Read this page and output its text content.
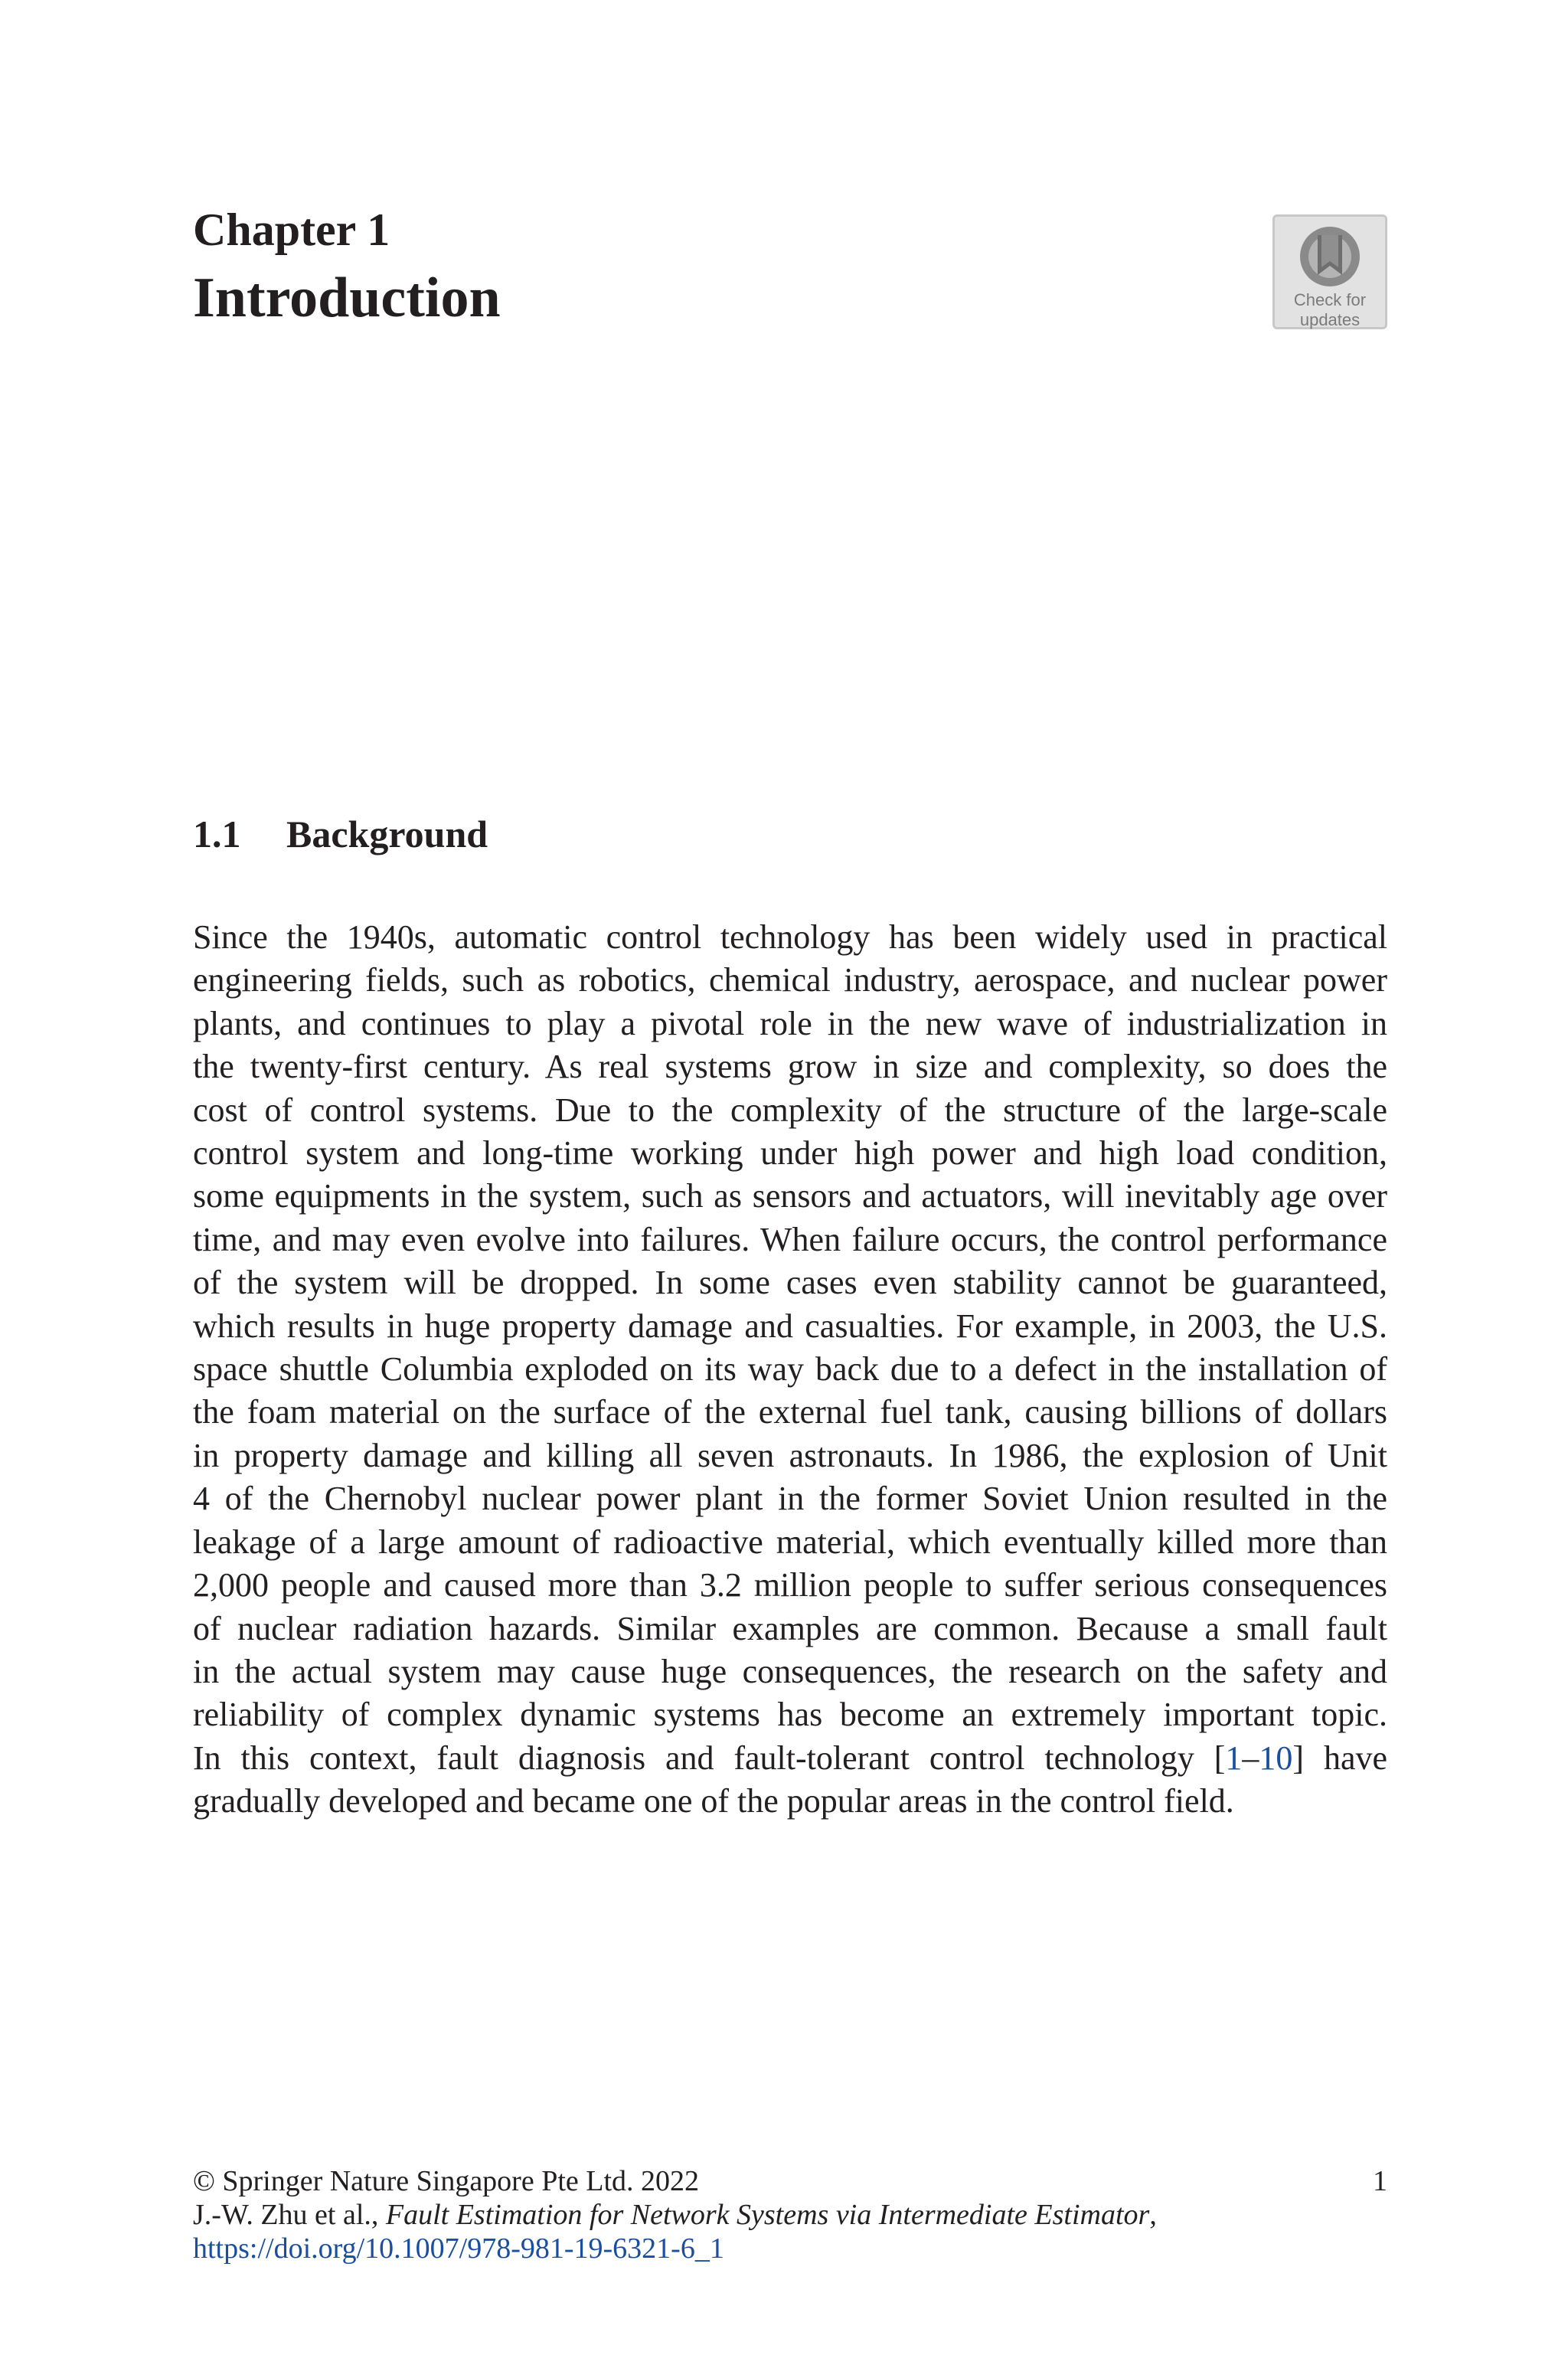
Chapter 1
Introduction	Check for
updates
1.1 Background

Since the 1940s, automatic control technology has been widely used in practical
engineering fields, such as robotics, chemical industry, aerospace, and nuclear power
plants, and continues to play a pivotal role in the new wave of industrialization in
the twenty-first century. As real systems grow in size and complexity, so does the
cost of control systems. Due to the complexity of the structure of the large-scale
control system and long-time working under high power and high load condition,
some equipments in the system, such as sensors and actuators, will inevitably age over
time, and may even evolve into failures. When failure occurs, the control performance
of the system will be dropped. In some cases even stability cannot be guaranteed,
which results in huge property damage and casualties. For example, in 2003, the U.S.
space shuttle Columbia exploded on its way back due to a defect in the installation of
the foam material on the surface of the external fuel tank, causing billions of dollars
in property damage and killing all seven astronauts. In 1986, the explosion of Unit
4 of the Chernobyl nuclear power plant in the former Soviet Union resulted in the
leakage of a large amount of radioactive material, which eventually killed more than
2,000 people and caused more than 3.2 million people to suffer serious consequences
of nuclear radiation hazards. Similar examples are common. Because a small fault
in the actual system may cause huge consequences, the research on the safety and
reliability of complex dynamic systems has become an extremely important topic.
In this context, fault diagnosis and fault-tolerant control technology [1–10] have
gradually developed and became one of the popular areas in the control field.

© Springer Nature Singapore Pte Ltd. 2022	1
J.-W. Zhu et al., Fault Estimation for Network Systems via Intermediate Estimator,
https://doi.org/10.1007/978-981-19-6321-6_1
